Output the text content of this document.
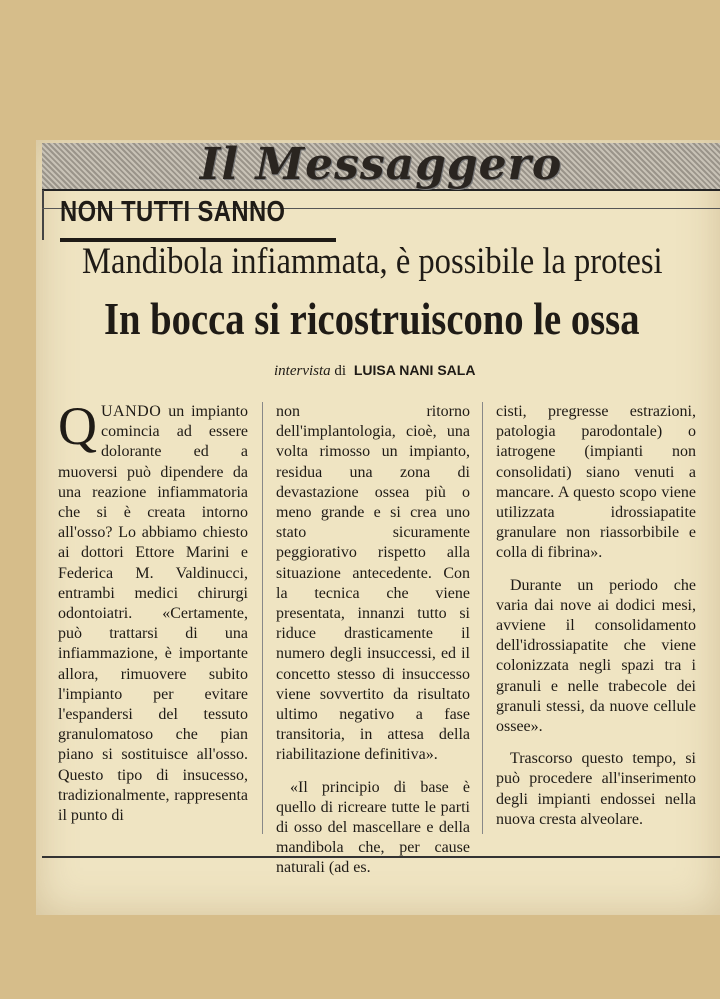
Il Messaggero
NON TUTTI SANNO
Mandibola infiammata, è possibile la protesi
In bocca si ricostruiscono le ossa
intervista di LUISA NANI SALA

QUANDO un impianto comincia ad essere dolorante ed a muoversi può dipendere da una reazione infiammatoria che si è creata intorno all'osso? Lo abbiamo chiesto ai dottori Ettore Marini e Federica M. Valdinucci, entrambi medici chirurgi odontoiatri. «Certamente, può trattarsi di una infiammazione, è importante allora, rimuovere subito l'impianto per evitare l'espandersi del tessuto granulomatoso che pian piano si sostituisce all'osso. Questo tipo di insucesso, tradizionalmente, rappresenta il punto di

non ritorno dell'implantologia, cioè, una volta rimosso un impianto, residua una zona di devastazione ossea più o meno grande e si crea uno stato sicuramente peggiorativo rispetto alla situazione antecedente. Con la tecnica che viene presentata, innanzi tutto si riduce drasticamente il numero degli insuccessi, ed il concetto stesso di insuccesso viene sovvertito da risultato ultimo negativo a fase transitoria, in attesa della riabilitazione definitiva».

«Il principio di base è quello di ricreare tutte le parti di osso del mascellare e della mandibola che, per cause naturali (ad es.

cisti, pregresse estrazioni, patologia parodontale) o iatrogene (impianti non consolidati) siano venuti a mancare. A questo scopo viene utilizzata idrossiapatite granulare non riassorbibile e colla di fibrina».

Durante un periodo che varia dai nove ai dodici mesi, avviene il consolidamento dell'idrossiapatite che viene colonizzata negli spazi tra i granuli e nelle trabecole dei granuli stessi, da nuove cellule ossee».

Trascorso questo tempo, si può procedere all'inserimento degli impianti endossei nella nuova cresta alveolare.
